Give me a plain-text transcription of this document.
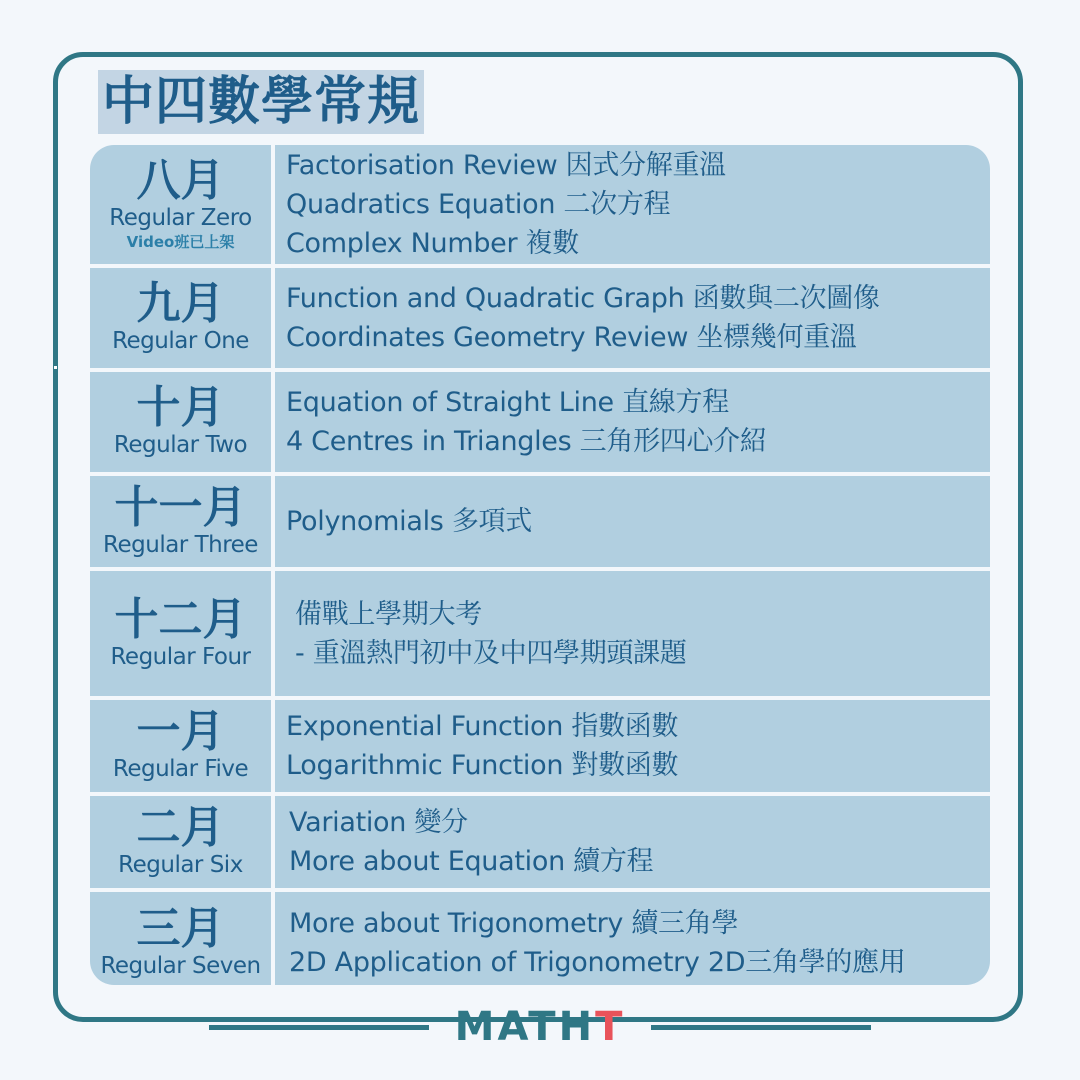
中四數學常規
八月
Regular Zero
Video班已上架
Factorisation Review 因式分解重溫
Quadratics Equation 二次方程
Complex Number 複數
九月
Regular One
Function and Quadratic Graph 函數與二次圖像
Coordinates Geometry Review 坐標幾何重溫
十月
Regular Two
Equation of Straight Line 直線方程
4 Centres in Triangles 三角形四心介紹
十一月
Regular Three
Polynomials 多項式
十二月
Regular Four
備戰上學期大考
- 重溫熱門初中及中四學期頭課題
一月
Regular Five
Exponential Function 指數函數
Logarithmic Function 對數函數
二月
Regular Six
Variation 變分
More about Equation 續方程
三月
Regular Seven
More about Trigonometry 續三角學
2D Application of Trigonometry 2D三角學的應用
MATHT
